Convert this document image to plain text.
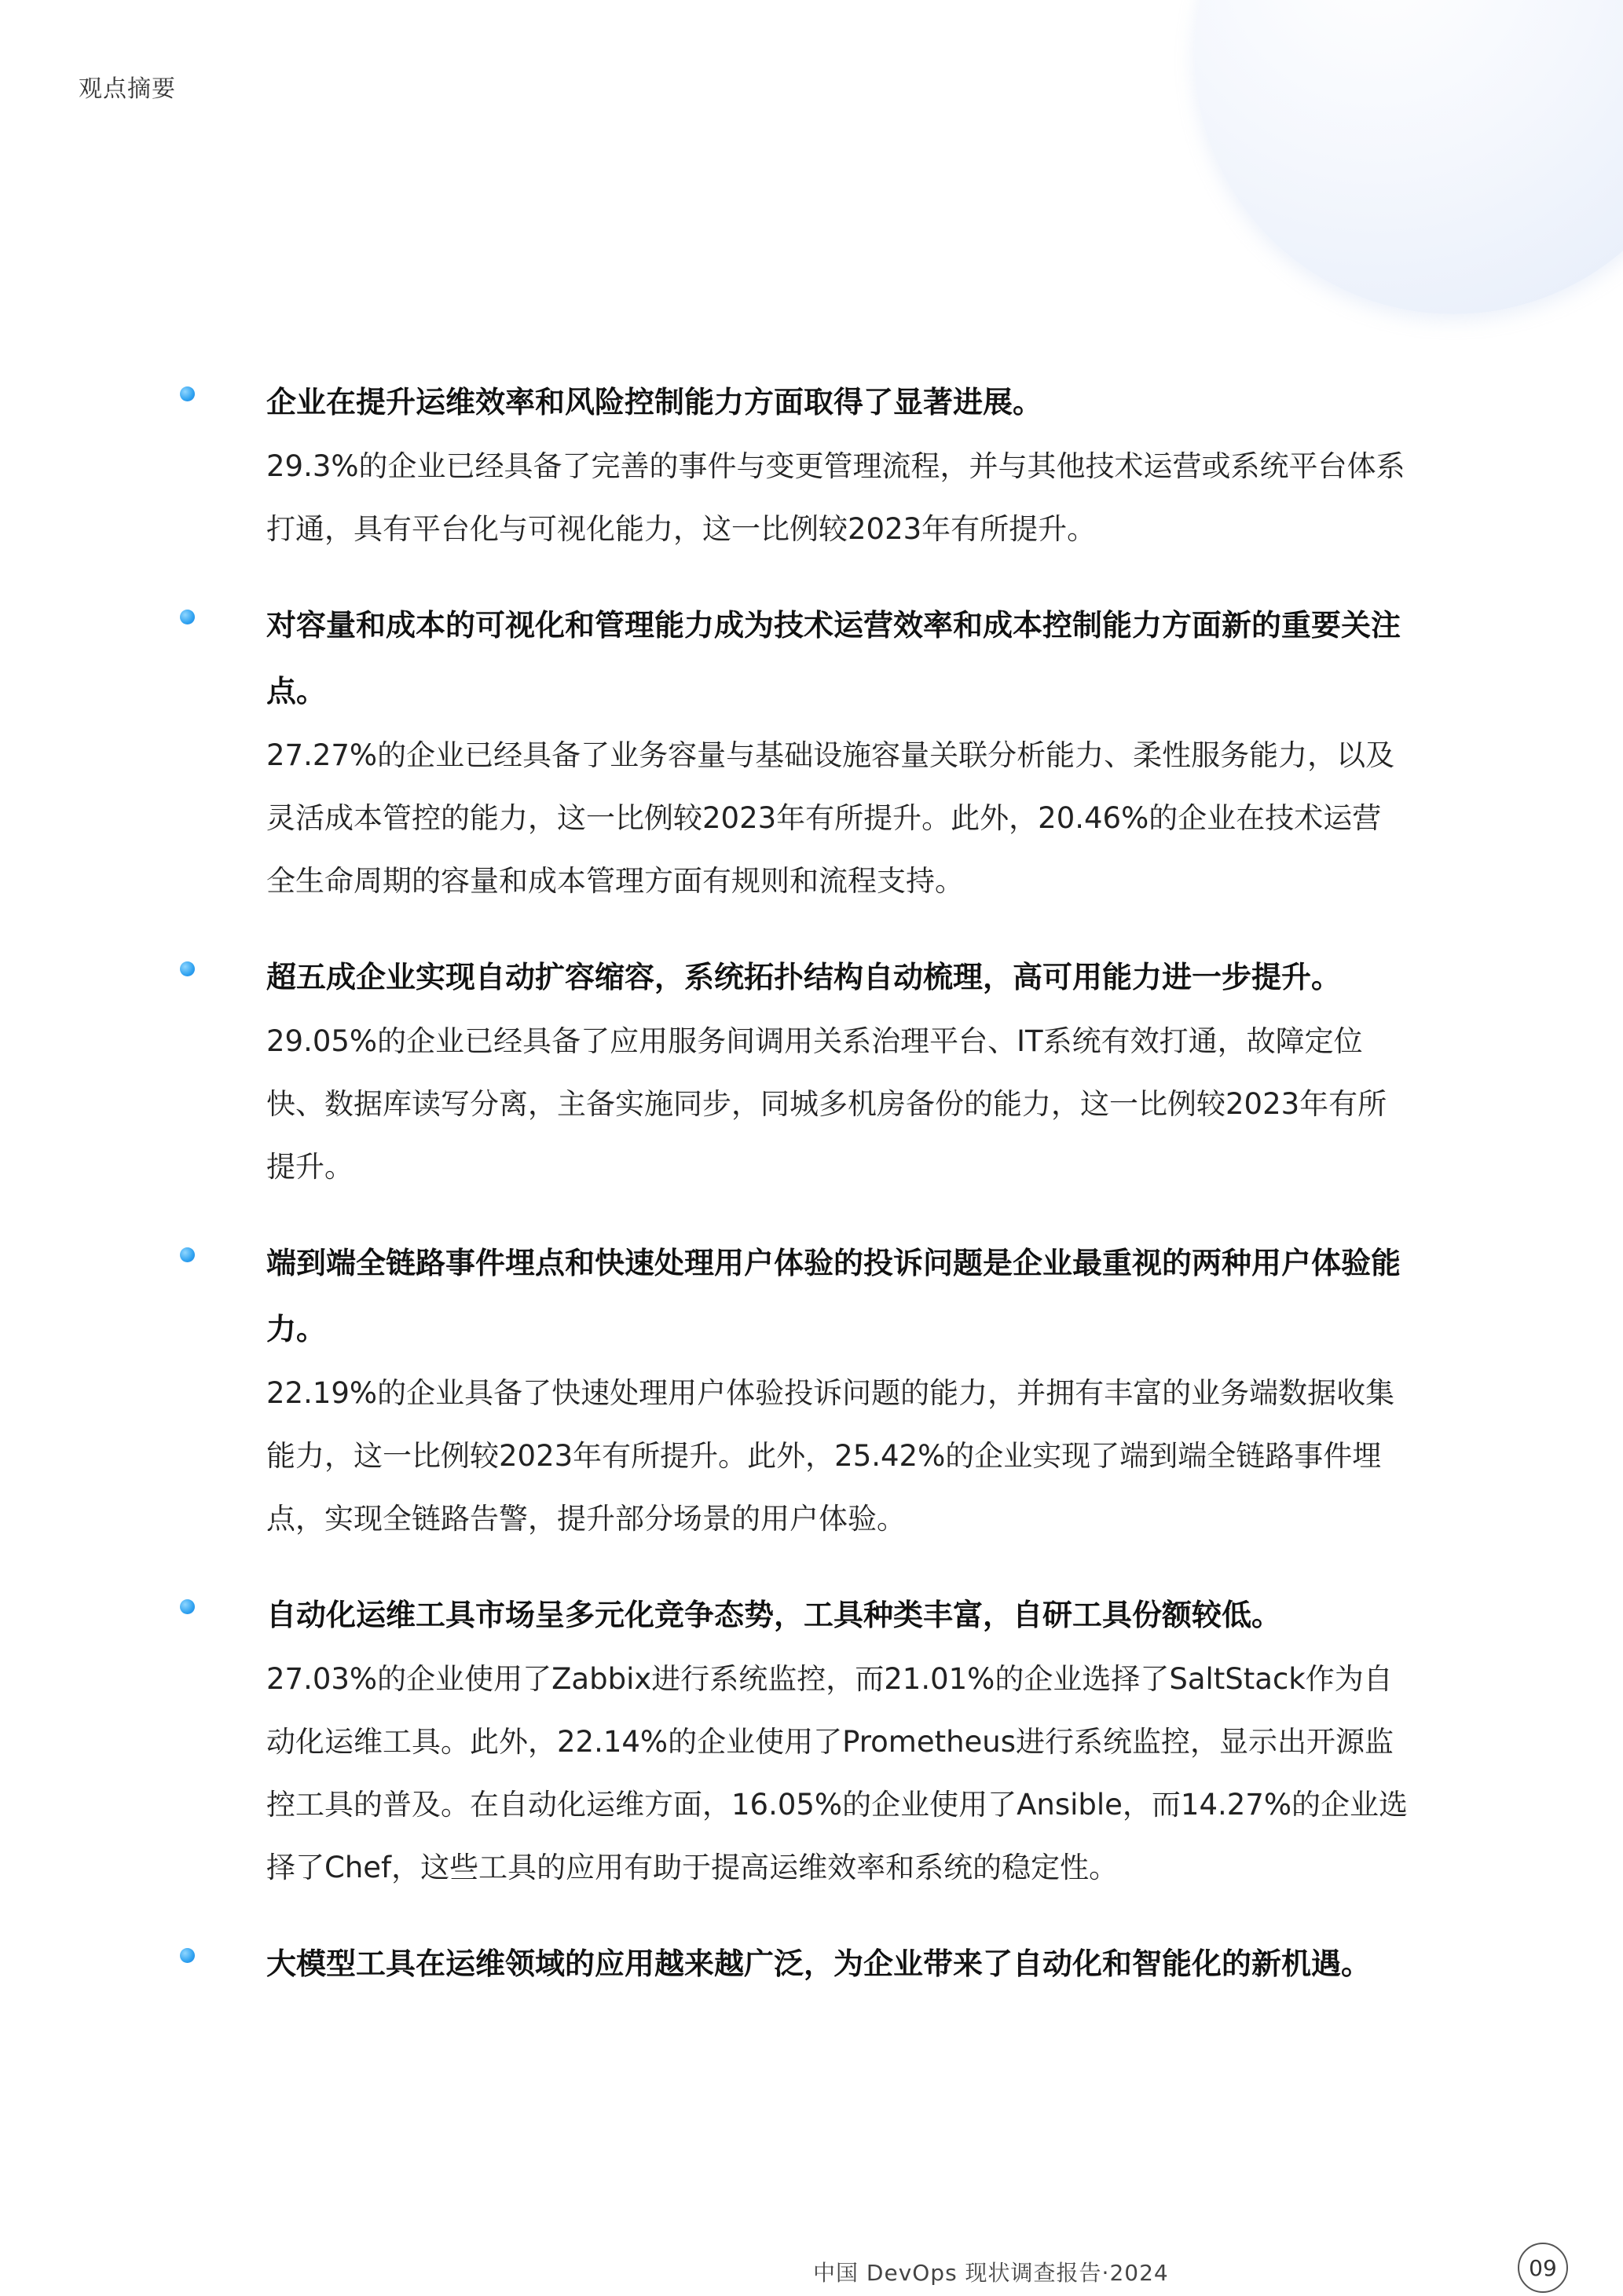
观点摘要

企业在提升运维效率和风险控制能力方面取得了显著进展。

29.3%的企业已经具备了完善的事件与变更管理流程，并与其他技术运营或系统平台体系打通，具有平台化与可视化能力，这一比例较2023年有所提升。

对容量和成本的可视化和管理能力成为技术运营效率和成本控制能力方面新的重要关注点。

27.27%的企业已经具备了业务容量与基础设施容量关联分析能力、柔性服务能力，以及灵活成本管控的能力，这一比例较2023年有所提升。此外，20.46%的企业在技术运营全生命周期的容量和成本管理方面有规则和流程支持。

超五成企业实现自动扩容缩容，系统拓扑结构自动梳理，高可用能力进一步提升。

29.05%的企业已经具备了应用服务间调用关系治理平台、IT系统有效打通，故障定位快、数据库读写分离，主备实施同步，同城多机房备份的能力，这一比例较2023年有所提升。

端到端全链路事件埋点和快速处理用户体验的投诉问题是企业最重视的两种用户体验能力。

22.19%的企业具备了快速处理用户体验投诉问题的能力，并拥有丰富的业务端数据收集能力，这一比例较2023年有所提升。此外，25.42%的企业实现了端到端全链路事件埋点，实现全链路告警，提升部分场景的用户体验。

自动化运维工具市场呈多元化竞争态势，工具种类丰富，自研工具份额较低。

27.03%的企业使用了Zabbix进行系统监控，而21.01%的企业选择了SaltStack作为自动化运维工具。此外，22.14%的企业使用了Prometheus进行系统监控，显示出开源监控工具的普及。在自动化运维方面，16.05%的企业使用了Ansible，而14.27%的企业选择了Chef，这些工具的应用有助于提高运维效率和系统的稳定性。

大模型工具在运维领域的应用越来越广泛，为企业带来了自动化和智能化的新机遇。

中国 DevOps 现状调查报告·2024	09
